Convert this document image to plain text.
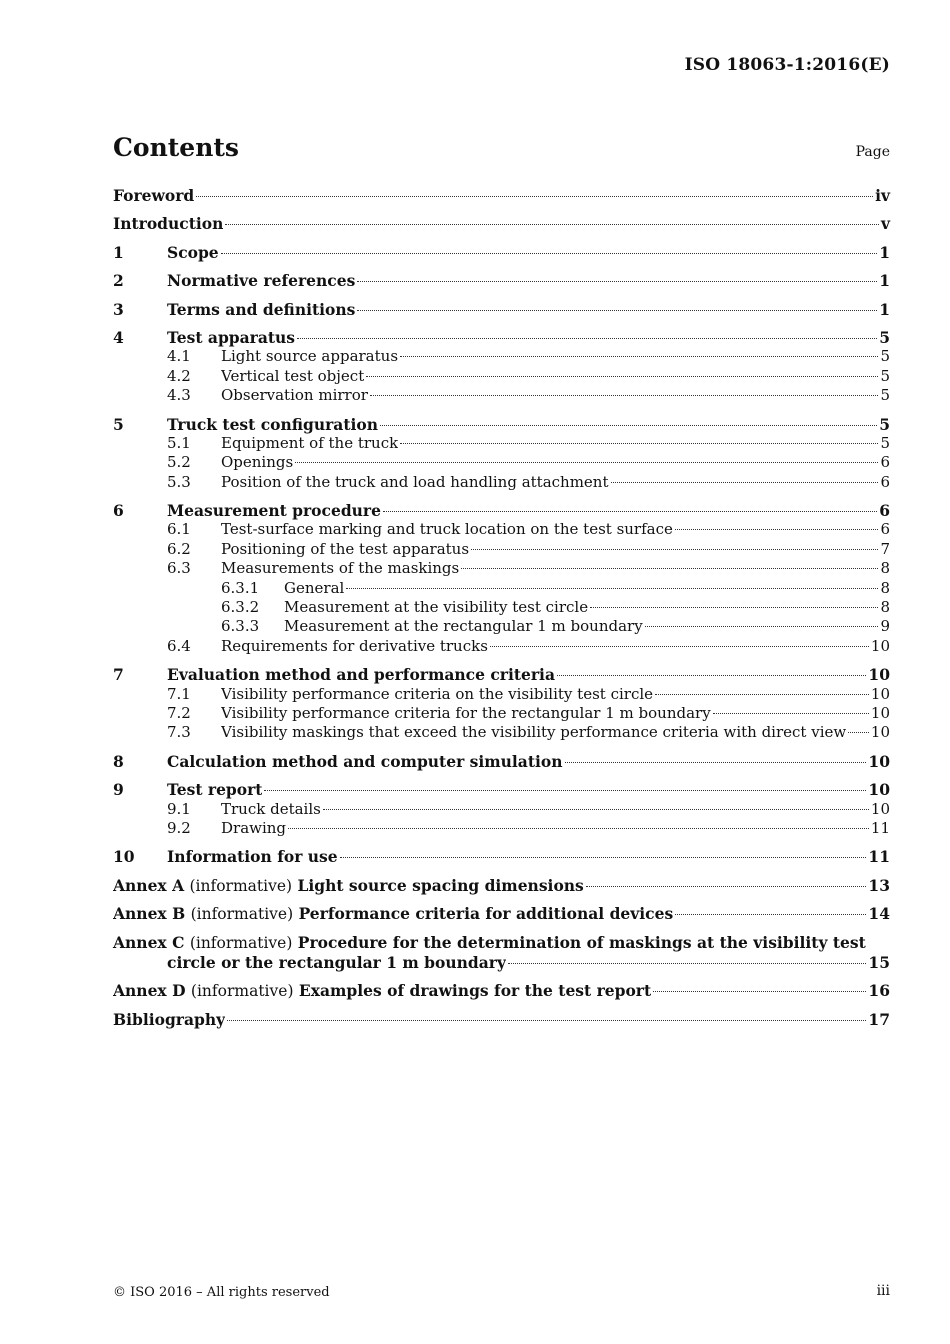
ISO 18063-1:2016(E)
Contents	Page
Foreword	iv
Introduction	v
1	Scope	1
2	Normative references	1
3	Terms and definitions	1
4	Test apparatus	5
4.1	Light source apparatus	5
4.2	Vertical test object	5
4.3	Observation mirror	5
5	Truck test configuration	5
5.1	Equipment of the truck	5
5.2	Openings	6
5.3	Position of the truck and load handling attachment	6
6	Measurement procedure	6
6.1	Test-surface marking and truck location on the test surface	6
6.2	Positioning of the test apparatus	7
6.3	Measurements of the maskings	8
6.3.1	General	8
6.3.2	Measurement at the visibility test circle	8
6.3.3	Measurement at the rectangular 1 m boundary	9
6.4	Requirements for derivative trucks	10
7	Evaluation method and performance criteria	10
7.1	Visibility performance criteria on the visibility test circle	10
7.2	Visibility performance criteria for the rectangular 1 m boundary	10
7.3	Visibility maskings that exceed the visibility performance criteria with direct view 10
8	Calculation method and computer simulation	10
9	Test report	10
9.1	Truck details	10
9.2	Drawing	11
10	Information for use	11
Annex A (informative) Light source spacing dimensions	13
Annex B (informative) Performance criteria for additional devices	14
Annex C (informative) Procedure for the determination of maskings at the visibility test
circle or the rectangular 1 m boundary	15
Annex D (informative) Examples of drawings for the test report	16
Bibliography	17
© ISO 2016 – All rights reserved	iii
